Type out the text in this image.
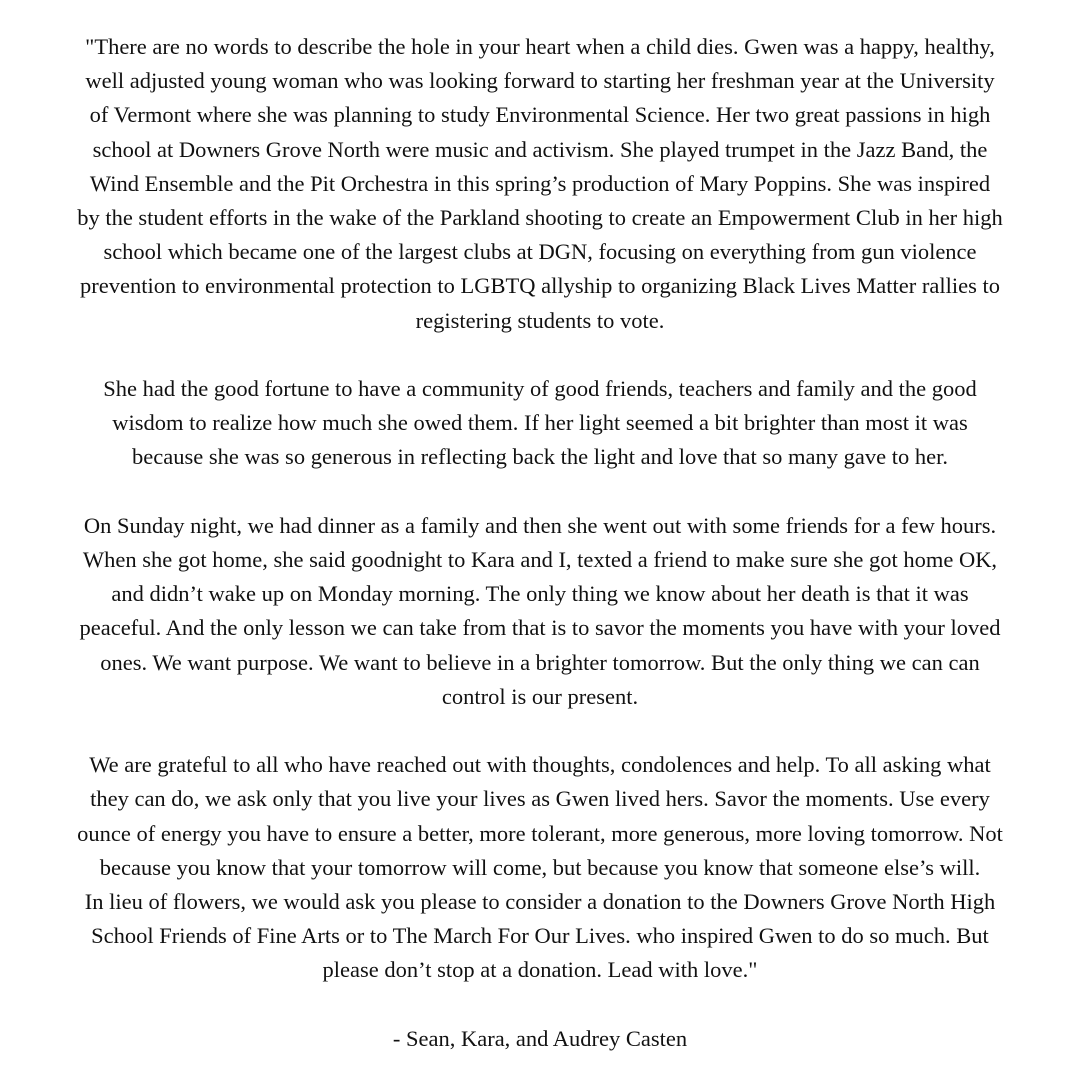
"There are no words to describe the hole in your heart when a child dies. Gwen was a happy, healthy,
well adjusted young woman who was looking forward to starting her freshman year at the University
of Vermont where she was planning to study Environmental Science. Her two great passions in high
school at Downers Grove North were music and activism. She played trumpet in the Jazz Band, the
Wind Ensemble and the Pit Orchestra in this spring’s production of Mary Poppins. She was inspired
by the student efforts in the wake of the Parkland shooting to create an Empowerment Club in her high
school which became one of the largest clubs at DGN, focusing on everything from gun violence
prevention to environmental protection to LGBTQ allyship to organizing Black Lives Matter rallies to
registering students to vote.

She had the good fortune to have a community of good friends, teachers and family and the good
wisdom to realize how much she owed them. If her light seemed a bit brighter than most it was
because she was so generous in reflecting back the light and love that so many gave to her.

On Sunday night, we had dinner as a family and then she went out with some friends for a few hours.
When she got home, she said goodnight to Kara and I, texted a friend to make sure she got home OK,
and didn’t wake up on Monday morning. The only thing we know about her death is that it was
peaceful. And the only lesson we can take from that is to savor the moments you have with your loved
ones. We want purpose. We want to believe in a brighter tomorrow. But the only thing we can can
control is our present.

We are grateful to all who have reached out with thoughts, condolences and help. To all asking what
they can do, we ask only that you live your lives as Gwen lived hers. Savor the moments. Use every
ounce of energy you have to ensure a better, more tolerant, more generous, more loving tomorrow. Not
because you know that your tomorrow will come, but because you know that someone else’s will.
In lieu of flowers, we would ask you please to consider a donation to the Downers Grove North High
School Friends of Fine Arts or to The March For Our Lives. who inspired Gwen to do so much. But
please don’t stop at a donation. Lead with love."

- Sean, Kara, and Audrey Casten
